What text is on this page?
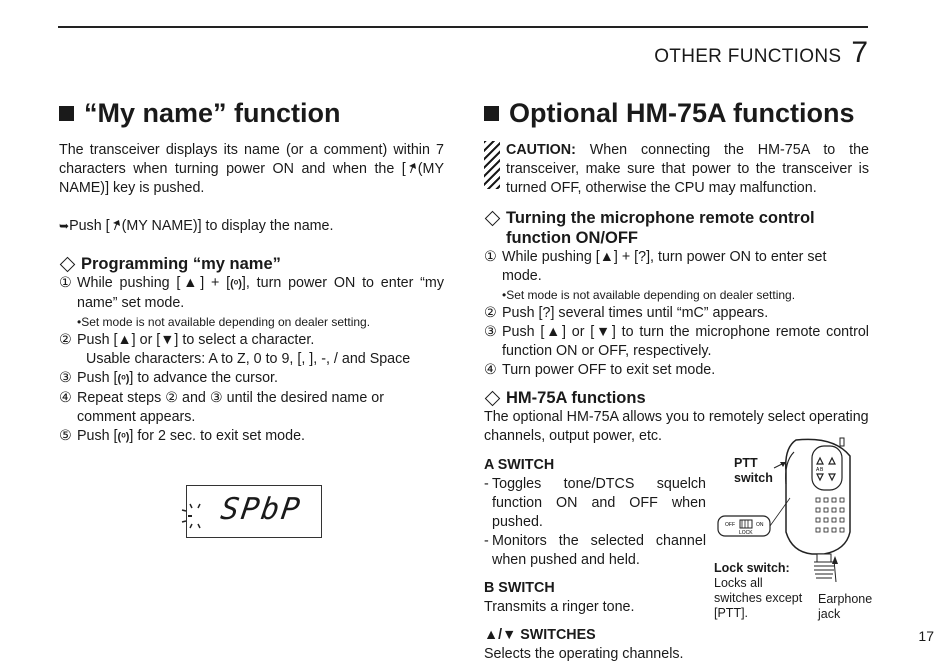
OTHER FUNCTIONS 7
“My name” function

The transceiver displays its name (or a comment) within 7 characters when turning power ON and when the [ (MY NAME)] key is pushed.

➥Push [ (MY NAME)] to display the name.

Programming “my name”
① While pushing [▲] + [(ᵒ)], turn power ON to enter “my name” set mode.
•Set mode is not available depending on dealer setting.
② Push [▲] or [▼] to select a character.
Usable characters: A to Z, 0 to 9, [, ], -, / and Space
③ Push [(ᵒ)] to advance the cursor.
④ Repeat steps ② and ③ until the desired name or comment appears.
⑤ Push [(ᵒ)] for 2 sec. to exit set mode.
SPbP
Optional HM-75A functions

CAUTION: When connecting the HM-75A to the transceiver, make sure that power to the transceiver is turned OFF, otherwise the CPU may malfunction.

Turning the microphone remote control function ON/OFF
① While pushing [▲] + [?], turn power ON to enter set mode.
•Set mode is not available depending on dealer setting.
② Push [?] several times until “mC” appears.
③ Push [▲] or [▼] to turn the microphone remote control function ON or OFF, respectively.
④ Turn power OFF to exit set mode.
HM-75A functions

The optional HM-75A allows you to remotely select operating channels, output power, etc.

A SWITCH

- Toggles tone/DTCS squelch function ON and OFF when pushed.
- Monitors the selected channel when pushed and held.

B SWITCH

Transmits a ringer tone.

▲/▼ SWITCHES

Selects the operating channels.

A B
OFF	ON
LOCK
PTT switch
Lock switch:
Locks all switches except [PTT].
Earphone jack
17
